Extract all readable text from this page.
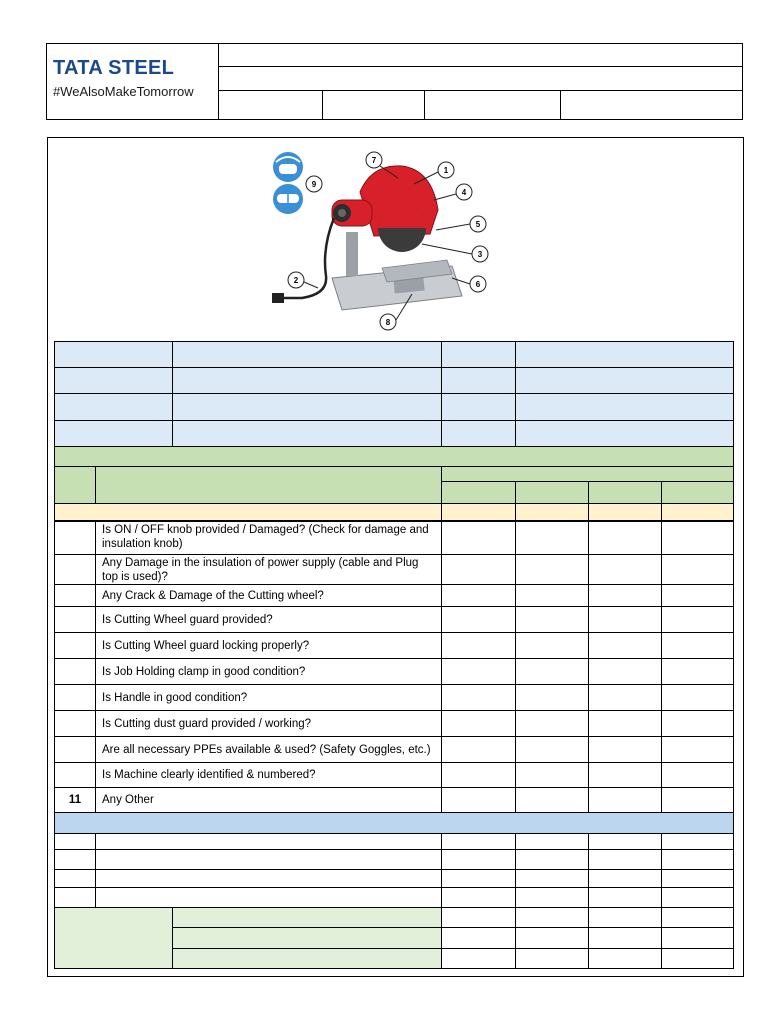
TATA STEEL
#WeAlsoMakeTomorrow
7
1
4
5
3
6
8
2
9
Is ON / OFF knob provided / Damaged? (Check for damage and insulation knob)
Any Damage in the insulation of power supply (cable and Plug top is used)?
Any Crack & Damage of the Cutting wheel?
Is Cutting Wheel guard provided?
Is Cutting Wheel guard locking properly?
Is Job Holding clamp in good condition?
Is Handle in good condition?
Is Cutting dust guard provided / working?
Are all necessary PPEs available & used? (Safety Goggles, etc.)
Is Machine clearly identified & numbered?
11	Any Other
